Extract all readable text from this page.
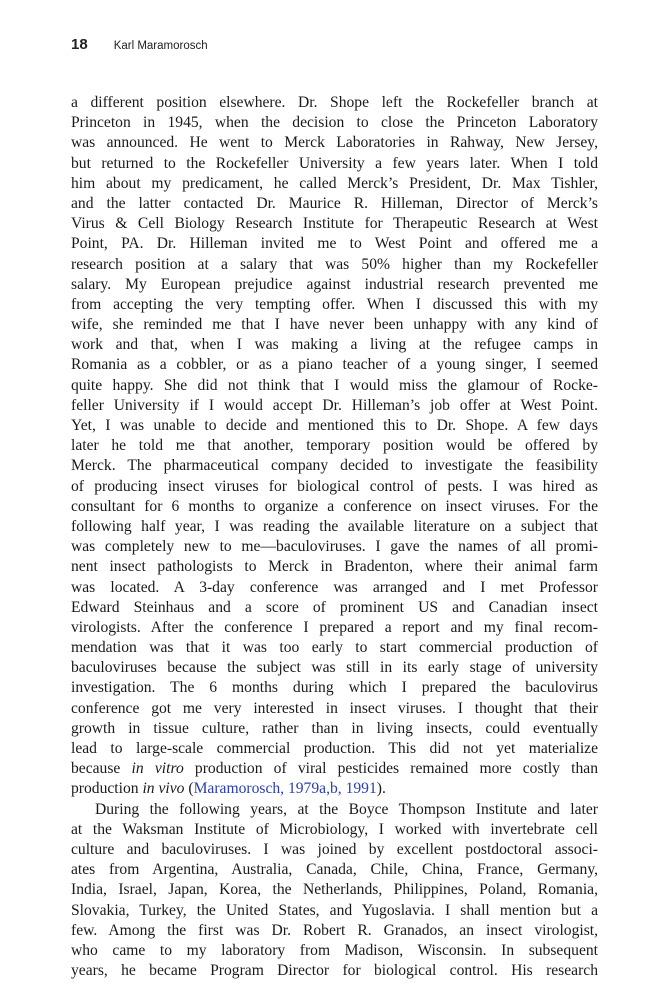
18 Karl Maramorosch
a different position elsewhere. Dr. Shope left the Rockefeller branch at
Princeton in 1945, when the decision to close the Princeton Laboratory
was announced. He went to Merck Laboratories in Rahway, New Jersey,
but returned to the Rockefeller University a few years later. When I told
him about my predicament, he called Merck’s President, Dr. Max Tishler,
and the latter contacted Dr. Maurice R. Hilleman, Director of Merck’s
Virus & Cell Biology Research Institute for Therapeutic Research at West
Point, PA. Dr. Hilleman invited me to West Point and offered me a
research position at a salary that was 50% higher than my Rockefeller
salary. My European prejudice against industrial research prevented me
from accepting the very tempting offer. When I discussed this with my
wife, she reminded me that I have never been unhappy with any kind of
work and that, when I was making a living at the refugee camps in
Romania as a cobbler, or as a piano teacher of a young singer, I seemed
quite happy. She did not think that I would miss the glamour of Rocke-
feller University if I would accept Dr. Hilleman’s job offer at West Point.
Yet, I was unable to decide and mentioned this to Dr. Shope. A few days
later he told me that another, temporary position would be offered by
Merck. The pharmaceutical company decided to investigate the feasibility
of producing insect viruses for biological control of pests. I was hired as
consultant for 6 months to organize a conference on insect viruses. For the
following half year, I was reading the available literature on a subject that
was completely new to me—baculoviruses. I gave the names of all promi-
nent insect pathologists to Merck in Bradenton, where their animal farm
was located. A 3-day conference was arranged and I met Professor
Edward Steinhaus and a score of prominent US and Canadian insect
virologists. After the conference I prepared a report and my final recom-
mendation was that it was too early to start commercial production of
baculoviruses because the subject was still in its early stage of university
investigation. The 6 months during which I prepared the baculovirus
conference got me very interested in insect viruses. I thought that their
growth in tissue culture, rather than in living insects, could eventually
lead to large-scale commercial production. This did not yet materialize
because in vitro production of viral pesticides remained more costly than
production in vivo (Maramorosch, 1979a,b, 1991).
During the following years, at the Boyce Thompson Institute and later
at the Waksman Institute of Microbiology, I worked with invertebrate cell
culture and baculoviruses. I was joined by excellent postdoctoral associ-
ates from Argentina, Australia, Canada, Chile, China, France, Germany,
India, Israel, Japan, Korea, the Netherlands, Philippines, Poland, Romania,
Slovakia, Turkey, the United States, and Yugoslavia. I shall mention but a
few. Among the first was Dr. Robert R. Granados, an insect virologist,
who came to my laboratory from Madison, Wisconsin. In subsequent
years, he became Program Director for biological control. His research
